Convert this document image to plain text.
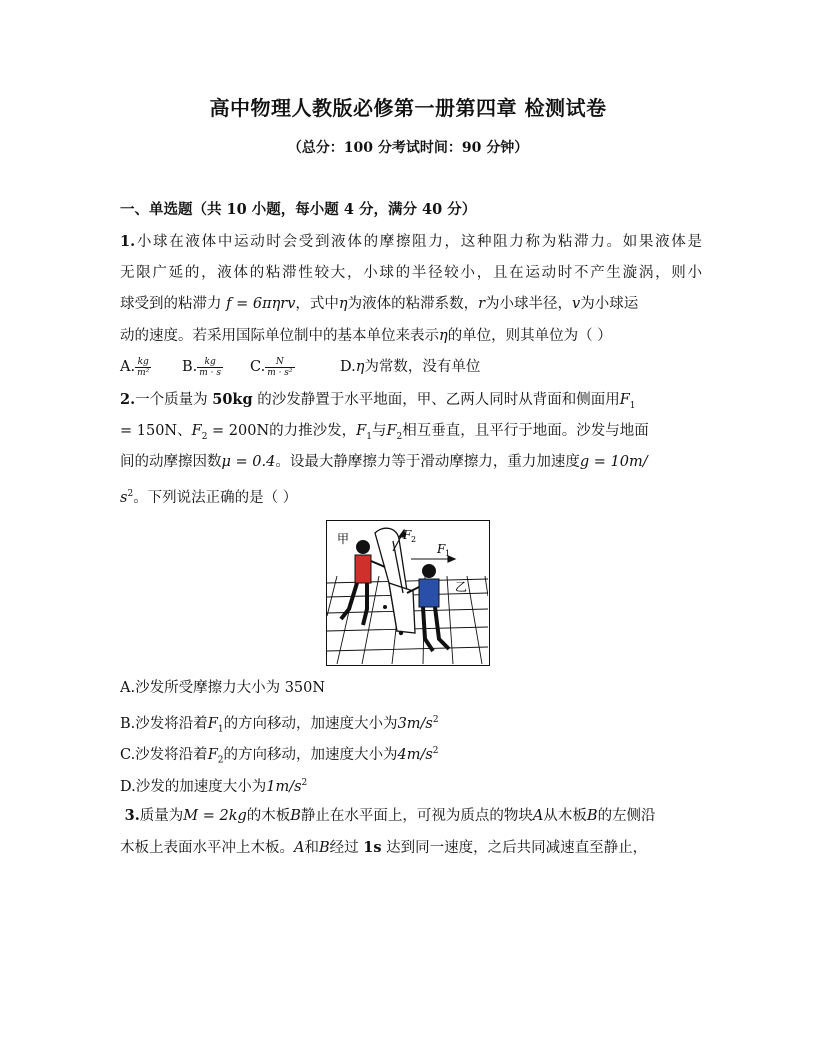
高中物理人教版必修第一册第四章 检测试卷
（总分：100 分考试时间：90 分钟）
一、单选题（共 10 小题，每小题 4 分，满分 40 分）
1.小球在液体中运动时会受到液体的摩擦阻力，这种阻力称为粘滞力。如果液体是
无限广延的，液体的粘滞性较大，小球的半径较小，且在运动时不产生漩涡，则小
球受到的粘滞力 f = 6πηrv，式中η为液体的粘滞系数，r为小球半径，v为小球运
动的速度。若采用国际单位制中的基本单位来表示η的单位，则其单位为（ ）
A. $\frac{kg}{\text{m²}} B$. $\frac{kg}{m \cdot s} C$. $\frac{N}{\text{m · s²}}$	D.η为常数，没有单位
2.一个质量为 50kg 的沙发静置于水平地面，甲、乙两人同时从背面和侧面用$F_1$
= 150N、$F_2 = 200N$的力推沙发，$F_1$与$F_2$相互垂直，且平行于地面。沙发与地面
间的动摩擦因数μ = 0.4。设最大静摩擦力等于滑动摩擦力，重力加速度g = 10m/
$s^2$。下列说法正确的是（ ）
甲
乙
F 2
F 1
A.沙发所受摩擦力大小为 350N
B.沙发将沿着$F_1$的方向移动，加速度大小为$3m/s^2$
C.沙发将沿着$F_2$的方向移动，加速度大小为$4m/s^2$
D.沙发的加速度大小为$1m/s^2$
3.质量为M = 2kg的木板B静止在水平面上，可视为质点的物块A从木板B的左侧沿
木板上表面水平冲上木板。A和B经过 1s 达到同一速度，之后共同减速直至静止，
